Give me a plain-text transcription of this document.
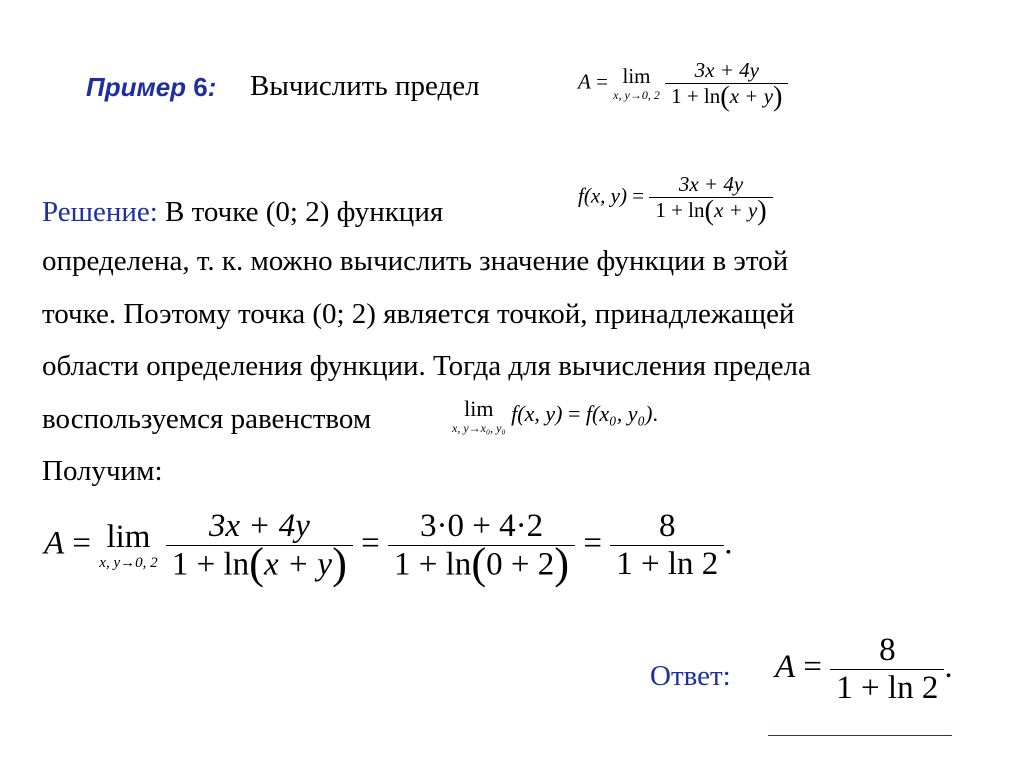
Пример 6: Вычислить предел	A = lim
x, y→0, 2
$\frac{3x + 4y}{1 + \ln(x + y)}$
Решение: В точке (0; 2) функция
f(x, $y) = \frac{3x + 4y}{1 + \ln(x + y)}$
определена, т. к. можно вычислить значение функции в этой
точке. Поэтому точка (0; 2) является точкой, принадлежащей
области определения функции. Тогда для вычисления предела
воспользуемся равенством	lim
x, y→x₀, y₀
f(x, y) = f(x₀, y₀).
Получим:
A = lim
x, y→0, 2
$\frac{3x + 4y}{1 + \ln(x + y)} = \frac{3\cdot 0 + 4\cdot 2}{1 + \ln(0 + 2)} = \frac{8}{1 + \ln 2}$ .
Ответ: $A = \frac{8}{1 + \ln 2}$ .
